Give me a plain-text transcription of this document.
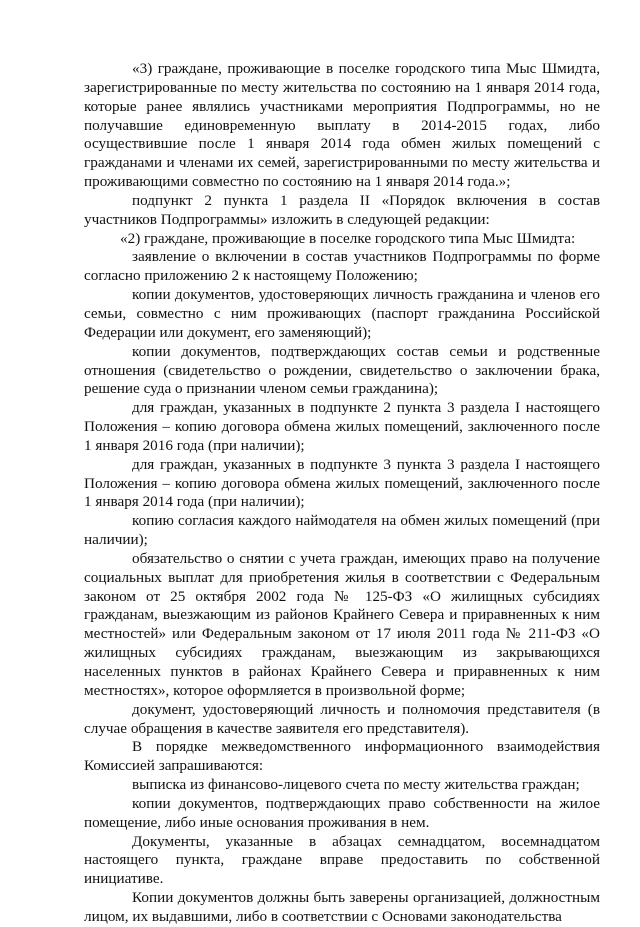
«3) граждане, проживающие в поселке городского типа Мыс Шмидта, зарегистрированные по месту жительства по состоянию на 1 января 2014 года, которые ранее являлись участниками мероприятия Подпрограммы, но не получавшие единовременную выплату в 2014-2015 годах, либо осуществившие после 1 января 2014 года обмен жилых помещений с гражданами и членами их семей, зарегистрированными по месту жительства и проживающими совместно по состоянию на 1 января 2014 года.»;

подпункт 2 пункта 1 раздела II «Порядок включения в состав участников Подпрограммы» изложить в следующей редакции:

«2) граждане, проживающие в поселке городского типа Мыс Шмидта:

заявление о включении в состав участников Подпрограммы по форме согласно приложению 2 к настоящему Положению;

копии документов, удостоверяющих личность гражданина и членов его семьи, совместно с ним проживающих (паспорт гражданина Российской Федерации или документ, его заменяющий);

копии документов, подтверждающих состав семьи и родственные отношения (свидетельство о рождении, свидетельство о заключении брака, решение суда о признании членом семьи гражданина);

для граждан, указанных в подпункте 2 пункта 3 раздела I настоящего Положения – копию договора обмена жилых помещений, заключенного после 1 января 2016 года (при наличии);

для граждан, указанных в подпункте 3 пункта 3 раздела I настоящего Положения – копию договора обмена жилых помещений, заключенного после 1 января 2014 года (при наличии);

копию согласия каждого наймодателя на обмен жилых помещений (при наличии);

обязательство о снятии с учета граждан, имеющих право на получение социальных выплат для приобретения жилья в соответствии с Федеральным законом от 25 октября 2002 года № 125-ФЗ «О жилищных субсидиях гражданам, выезжающим из районов Крайнего Севера и приравненных к ним местностей» или Федеральным законом от 17 июля 2011 года № 211-ФЗ «О жилищных субсидиях гражданам, выезжающим из закрывающихся населенных пунктов в районах Крайнего Севера и приравненных к ним местностях», которое оформляется в произвольной форме;

документ, удостоверяющий личность и полномочия представителя (в случае обращения в качестве заявителя его представителя).

В порядке межведомственного информационного взаимодействия Комиссией запрашиваются:

выписка из финансово-лицевого счета по месту жительства граждан;

копии документов, подтверждающих право собственности на жилое помещение, либо иные основания проживания в нем.

Документы, указанные в абзацах семнадцатом, восемнадцатом настоящего пункта, граждане вправе предоставить по собственной инициативе.

Копии документов должны быть заверены организацией, должностным лицом, их выдавшими, либо в соответствии с Основами законодательства
